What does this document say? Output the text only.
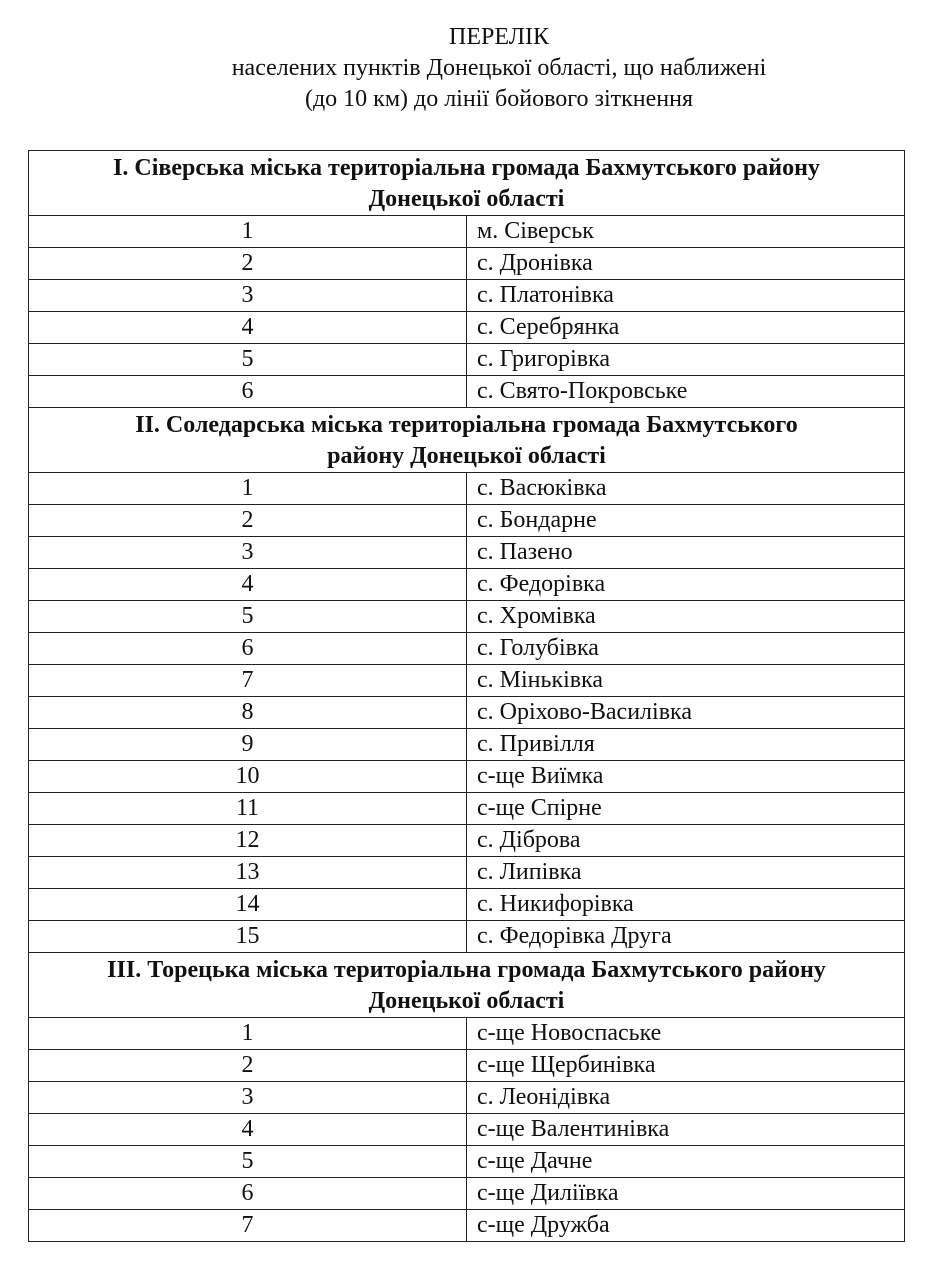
ПЕРЕЛІК
населених пунктів Донецької області, що наближені
(до 10 км) до лінії бойового зіткнення
I. Сіверська міська територіальна громада Бахмутського району
Донецької області	

1	м. Сіверськ
2	с. Дронівка
3	с. Платонівка
4	с. Серебрянка
5	с. Григорівка
6	с. Свято-Покровське

II. Соледарська міська територіальна громада Бахмутського
району Донецької області	

1	с. Васюківка
2	с. Бондарне
3	с. Пазено
4	с. Федорівка
5	с. Хромівка
6	с. Голубівка
7	с. Міньківка
8	с. Оріхово-Василівка
9	с. Привілля
10	с-ще Виїмка
11	с-ще Спірне
12	с. Діброва
13	с. Липівка
14	с. Никифорівка
15	с. Федорівка Друга

III. Торецька міська територіальна громада Бахмутського району
Донецької області	

1	с-ще Новоспаське
2	с-ще Щербинівка
3	с. Леонідівка
4	с-ще Валентинівка
5	с-ще Дачне
6	с-ще Диліївка
7	с-ще Дружба
